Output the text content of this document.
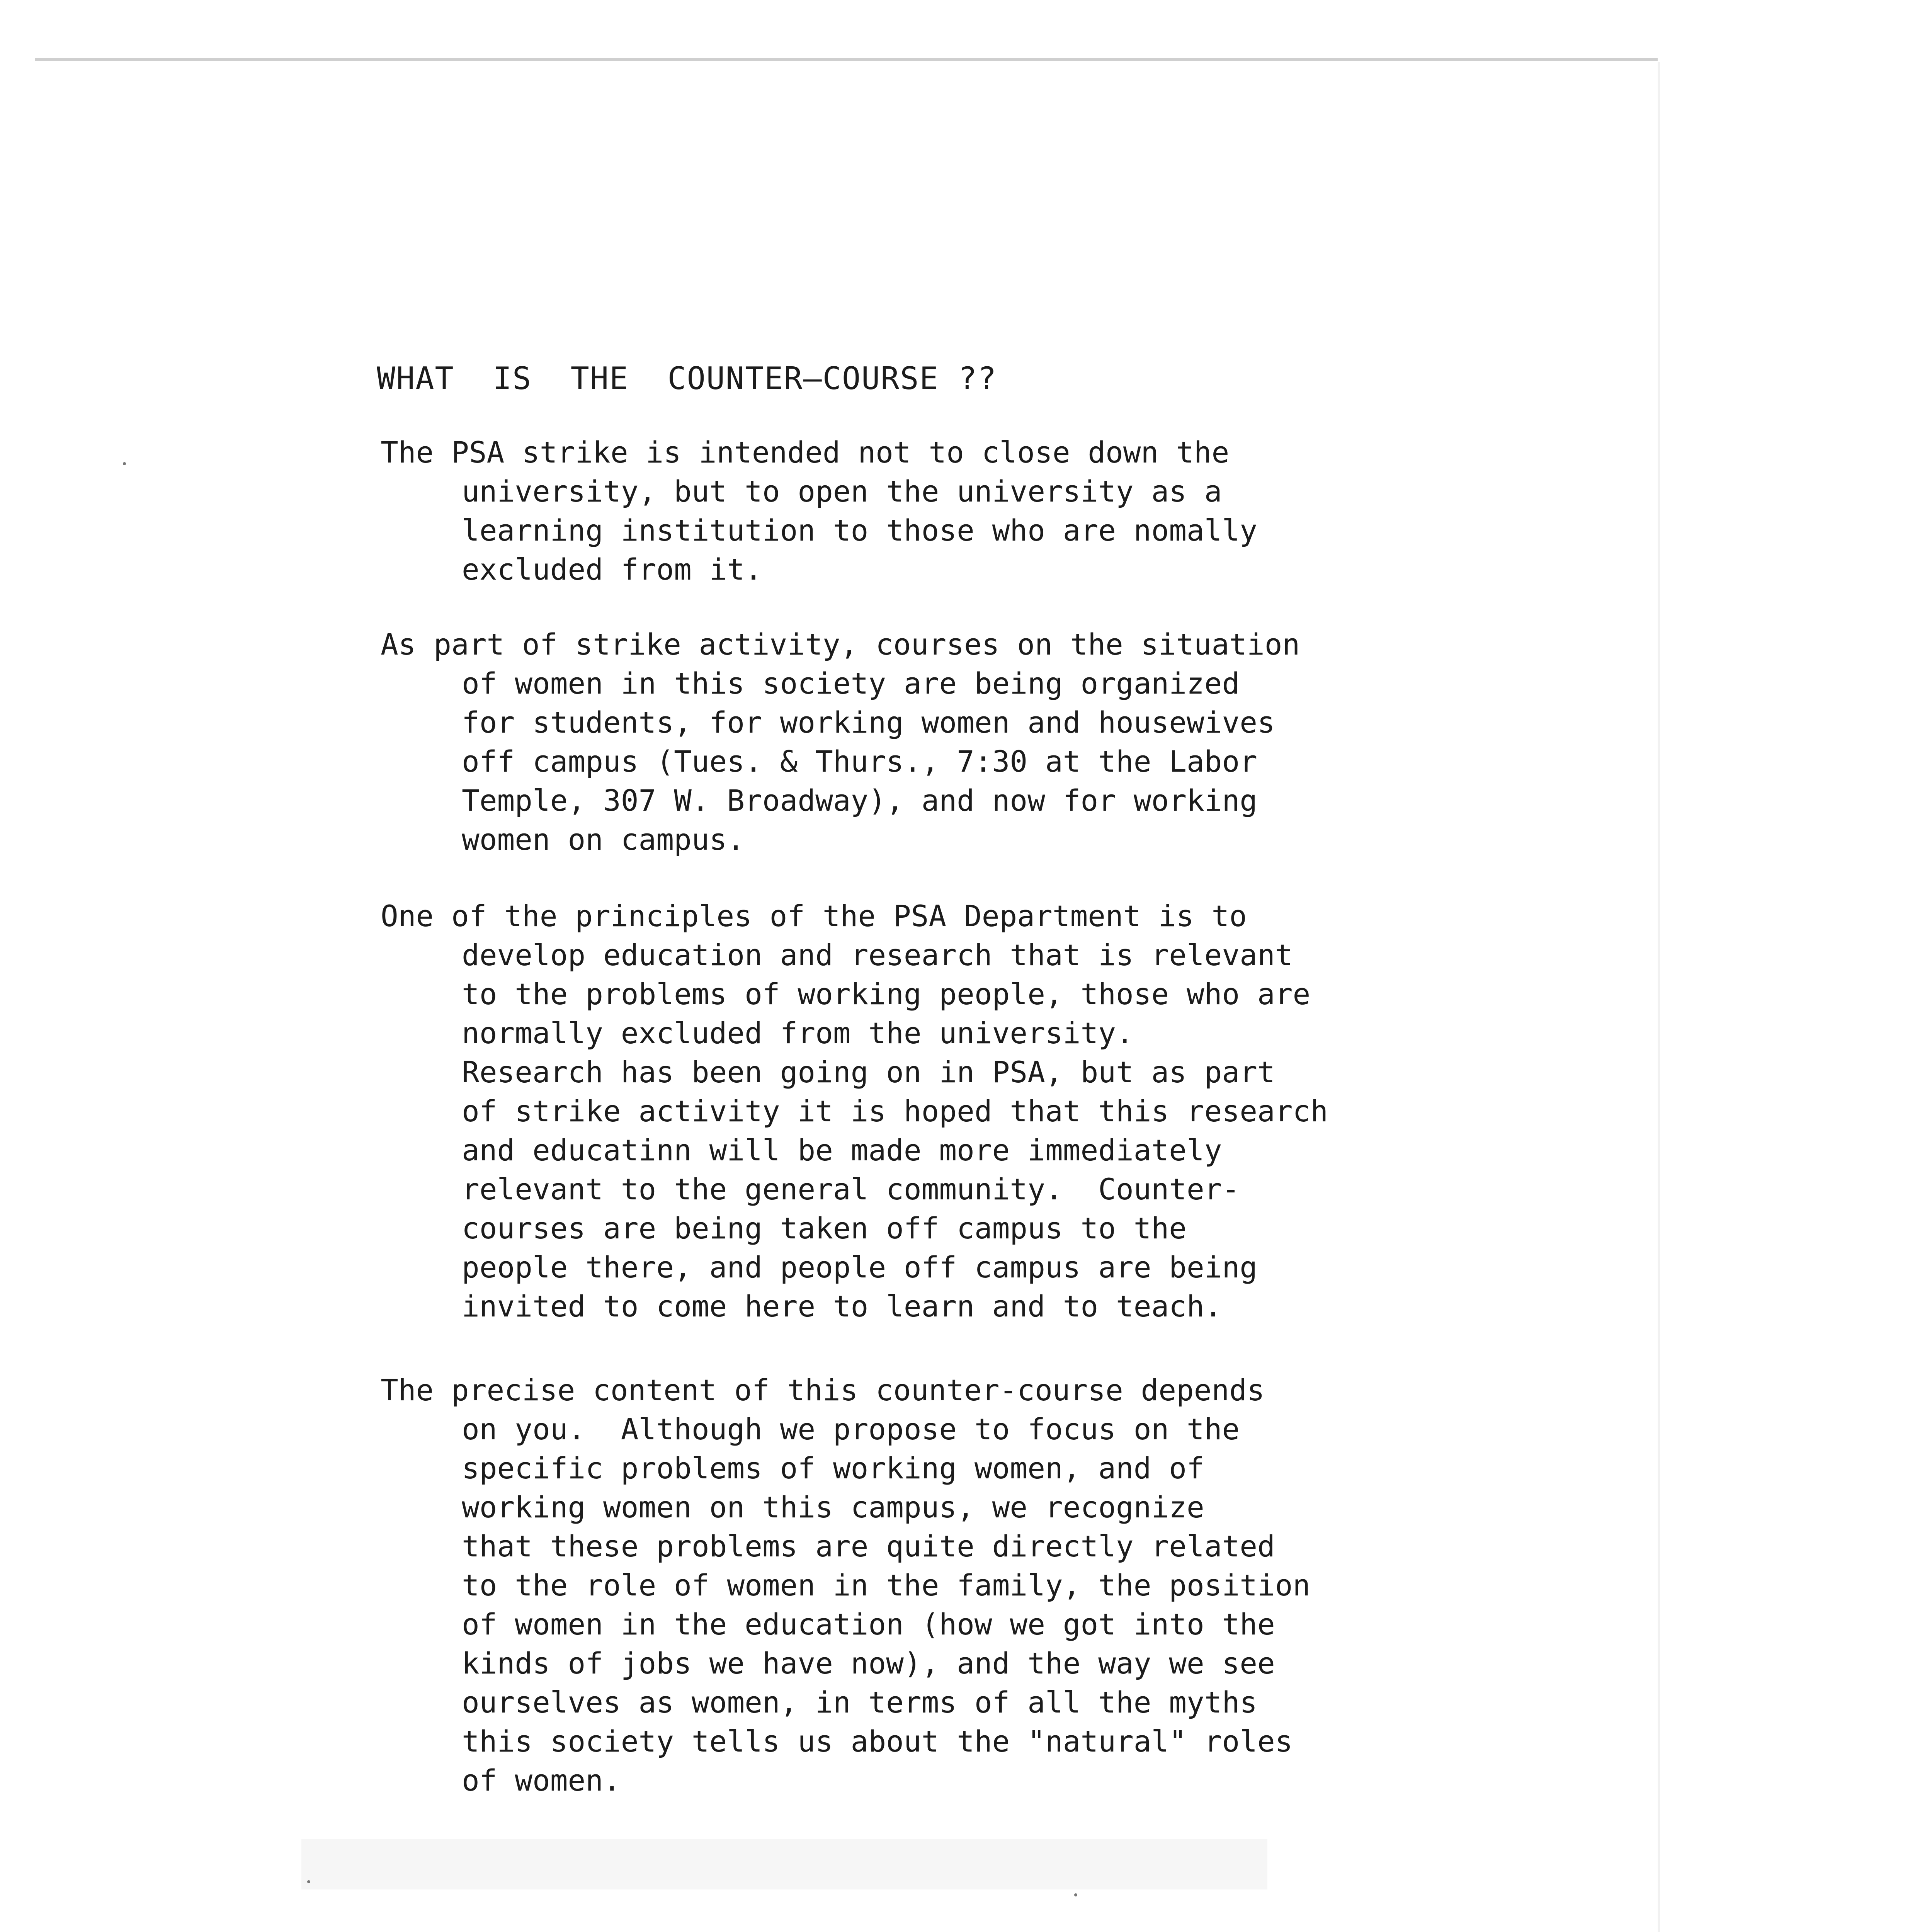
WHAT  IS  THE  COUNTER—COURSE ??
The PSA strike is intended not to close down the
university, but to open the university as a
learning institution to those who are nomally
excluded from it.
As part of strike activity, courses on the situation
of women in this society are being organized
for students, for working women and housewives
off campus (Tues. & Thurs., 7:30 at the Labor
Temple, 307 W. Broadway), and now for working
women on campus.
One of the principles of the PSA Department is to
develop education and research that is relevant
to the problems of working people, those who are
normally excluded from the university.
Research has been going on in PSA, but as part
of strike activity it is hoped that this research
and educatinn will be made more immediately
relevant to the general community.  Counter-
courses are being taken off campus to the
people there, and people off campus are being
invited to come here to learn and to teach.
The precise content of this counter-course depends
on you.  Although we propose to focus on the
specific problems of working women, and of
working women on this campus, we recognize
that these problems are quite directly related
to the role of women in the family, the position
of women in the education (how we got into the
kinds of jobs we have now), and the way we see
ourselves as women, in terms of all the myths
this society tells us about the "natural" roles
of women.
